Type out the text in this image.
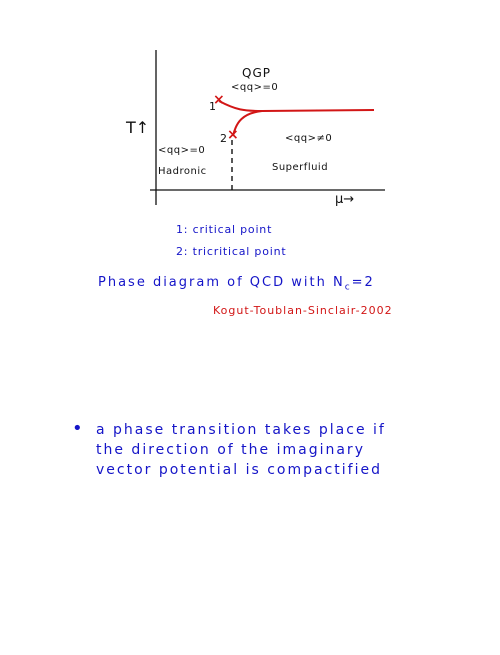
T↑
μ→
QGP
<qq>=0
<qq>=0
Hadronic
<qq>≠0
Superfluid
1
2
×
×
1: critical point
2: tricritical point
Phase diagram of QCD with $N_c=2$
Kogut-Toublan-Sinclair-2002
• a phase transition takes place if
the direction of the imaginary
vector potential is compactified
